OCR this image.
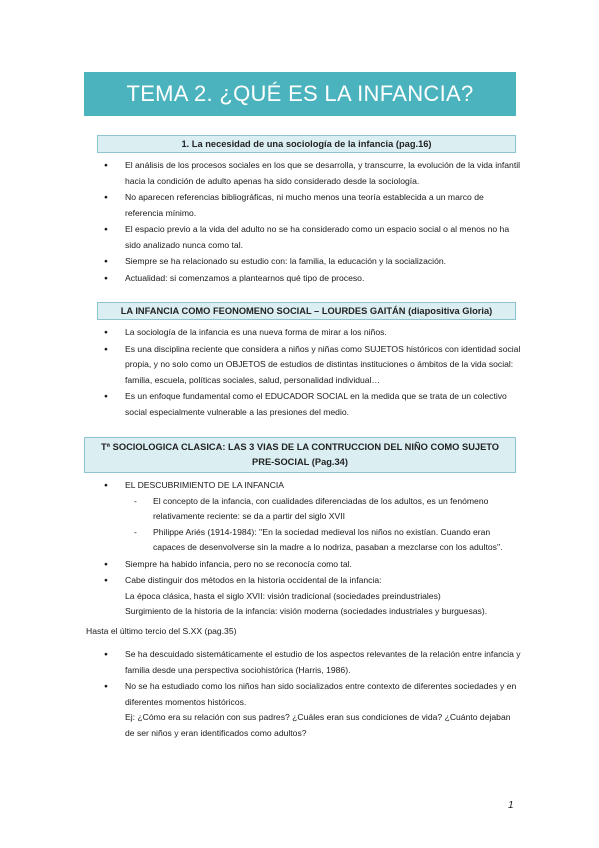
TEMA 2. ¿QUÉ ES LA INFANCIA?
1. La necesidad de una sociología de la infancia (pag.16)
● El análisis de los procesos sociales en los que se desarrolla, y transcurre, la evolución de la vida infantil hacia la condición de adulto apenas ha sido considerado desde la sociología.
● No aparecen referencias bibliográficas, ni mucho menos una teoría establecida a un marco de referencia mínimo.
● El espacio previo a la vida del adulto no se ha considerado como un espacio social o al menos no ha sido analizado nunca como tal.
● Siempre se ha relacionado su estudio con: la familia, la educación y la socialización.
● Actualidad: si comenzamos a plantearnos qué tipo de proceso.
LA INFANCIA COMO FEONOMENO SOCIAL – LOURDES GAITÁN (diapositiva Gloria)
● La sociología de la infancia es una nueva forma de mirar a los niños.
● Es una disciplina reciente que considera a niños y niñas como SUJETOS históricos con identidad social propia, y no solo como un OBJETOS de estudios de distintas instituciones o ámbitos de la vida social: familia, escuela, políticas sociales, salud, personalidad individual…
● Es un enfoque fundamental como el EDUCADOR SOCIAL en la medida que se trata de un colectivo social especialmente vulnerable a las presiones del medio.
Tª SOCIOLOGICA CLASICA: LAS 3 VIAS DE LA CONTRUCCION DEL NIÑO COMO SUJETO PRE-SOCIAL (Pag.34)
● EL DESCUBRIMIENTO DE LA INFANCIA
- El concepto de la infancia, con cualidades diferenciadas de los adultos, es un fenómeno relativamente reciente: se da a partir del siglo XVII
- Philippe Ariés (1914-1984): ''En la sociedad medieval los niños no existían. Cuando eran capaces de desenvolverse sin la madre a lo nodriza, pasaban a mezclarse con los adultos''.
● Siempre ha habido infancia, pero no se reconocía como tal.
● Cabe distinguir dos métodos en la historia occidental de la infancia:
La época clásica, hasta el siglo XVII: visión tradicional (sociedades preindustriales)
Surgimiento de la historia de la infancia: visión moderna (sociedades industriales y burguesas).
Hasta el último tercio del S.XX (pag.35)
● Se ha descuidado sistemáticamente el estudio de los aspectos relevantes de la relación entre infancia y familia desde una perspectiva sociohistórica (Harris, 1986).
● No se ha estudiado como los niños han sido socializados entre contexto de diferentes sociedades y en diferentes momentos históricos.
Ej: ¿Cómo era su relación con sus padres? ¿Cuáles eran sus condiciones de vida? ¿Cuánto dejaban de ser niños y eran identificados como adultos?
1
